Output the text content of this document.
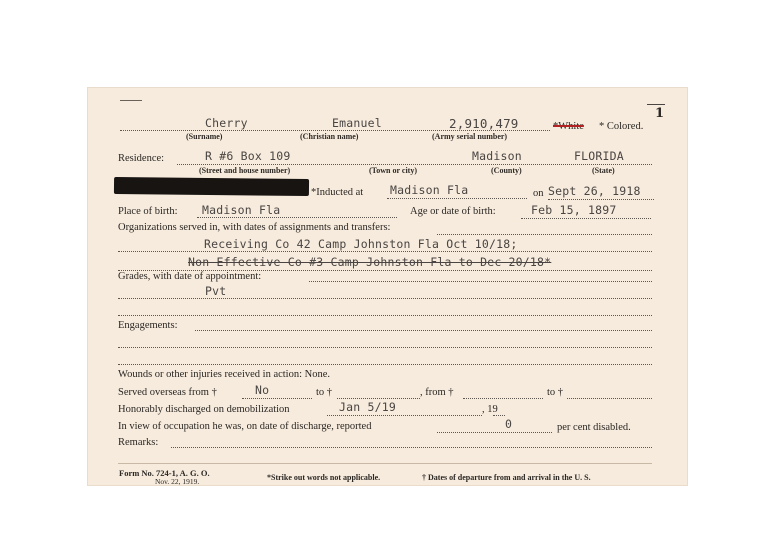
1
Cherry	Emanuel	2,910,479	*White * Colored.
(Surname)	(Christian name)	(Army serial number)
Residence:	R #6 Box 109	Madison	FLORIDA
(Street and house number)	(Town or city)	(County)	(State)
*Inducted at Madison Fla	on Sept 26, 1918
Place of birth: Madison Fla	Age or date of birth:	Feb 15, 1897
Organizations served in, with dates of assignments and transfers:
Receiving Co 42 Camp Johnston Fla Oct 10/18;
Non Effective Co #3 Camp Johnston Fla to Dec 20/18*
Grades, with date of appointment:
Pvt
Engagements:
Wounds or other injuries received in action: None.
Served overseas from †	No	to †	, from †	to †
Honorably discharged on demobilization	Jan 5/19	, 19
In view of occupation he was, on date of discharge, reported	0	per cent disabled.
Remarks:
Form No. 724-1, A. G. O.
Nov. 22, 1919.	*Strike out words not applicable.	† Dates of departure from and arrival in the U. S.
